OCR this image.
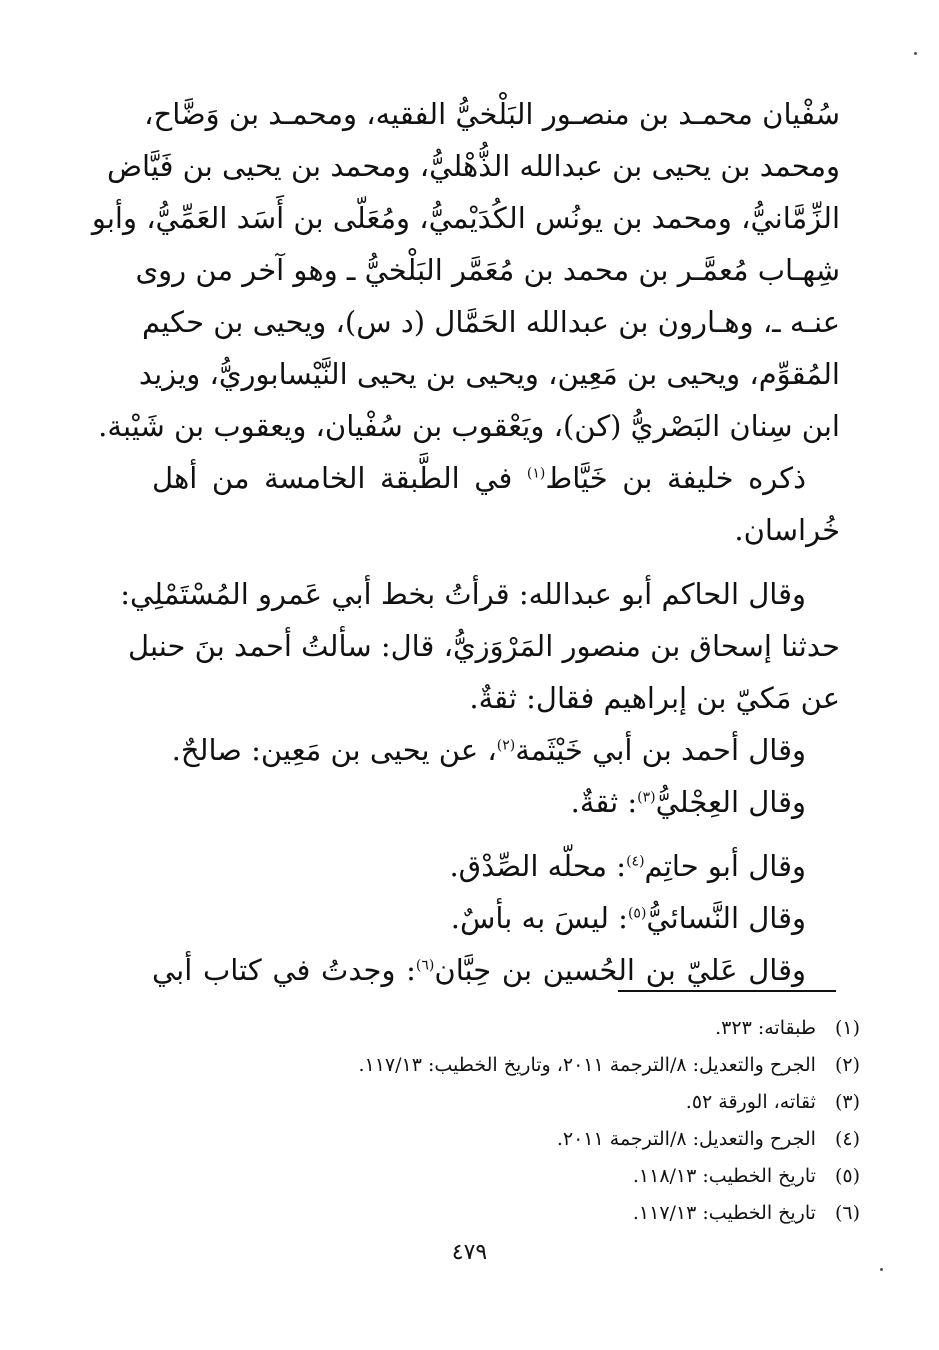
سُفْيان محمـد بن منصـور البَلْخيُّ الفقيه، ومحمـد بن وَضَّاح،
ومحمد بن يحيى بن عبدالله الذُّهْليُّ، ومحمد بن يحيى بن فَيَّاض
الزِّمَّانيُّ، ومحمد بن يونُس الكُدَيْميُّ، ومُعَلّى بن أَسَد العَمِّيُّ، وأبو
شِهـاب مُعمَّـر بن محمد بن مُعَمَّر البَلْخيُّ ـ وهو آخر من روى
عنـه ـ، وهـارون بن عبدالله الحَمَّال (د س)، ويحيى بن حكيم
المُقوِّم، ويحيى بن مَعِين، ويحيى بن يحيى النَّيْسابوريُّ، ويزيد
ابن سِنان البَصْريُّ (كن)، ويَعْقوب بن سُفْيان، ويعقوب بن شَيْبة.
ذكره خليفة بن خَيَّاط$^{(١)}$ في الطَّبقة الخامسة من أهل
خُراسان.
وقال الحاكم أبو عبدالله: قرأتُ بخط أبي عَمرو المُسْتَمْلِي:
حدثنا إسحاق بن منصور المَرْوَزيُّ، قال: سألتُ أحمد بنَ حنبل
عن مَكيّ بن إبراهيم فقال: ثقةٌ.
وقال أحمد بن أبي خَيْثَمة$^{(٢)}$، عن يحيى بن مَعِين: صالحٌ.
وقال العِجْليُّ$^{(٣)}$: ثقةٌ.
وقال أبو حاتِم$^{(٤)}$: محلّه الصِّدْق.
وقال النَّسائيُّ$^{(٥)}$: ليسَ به بأسٌ.
وقال عَليّ بن الحُسين بن حِبَّان$^{(٦)}$: وجدتُ في كتاب أبي
(١) طبقاته: ٣٢٣.
(٢) الجرح والتعديل: ٨/الترجمة ٢٠١١، وتاريخ الخطيب: ١١٧/١٣.
(٣) ثقاته، الورقة ٥٢.
(٤) الجرح والتعديل: ٨/الترجمة ٢٠١١.
(٥) تاريخ الخطيب: ١١٨/١٣.
(٦) تاريخ الخطيب: ١١٧/١٣.
٤٧٩
